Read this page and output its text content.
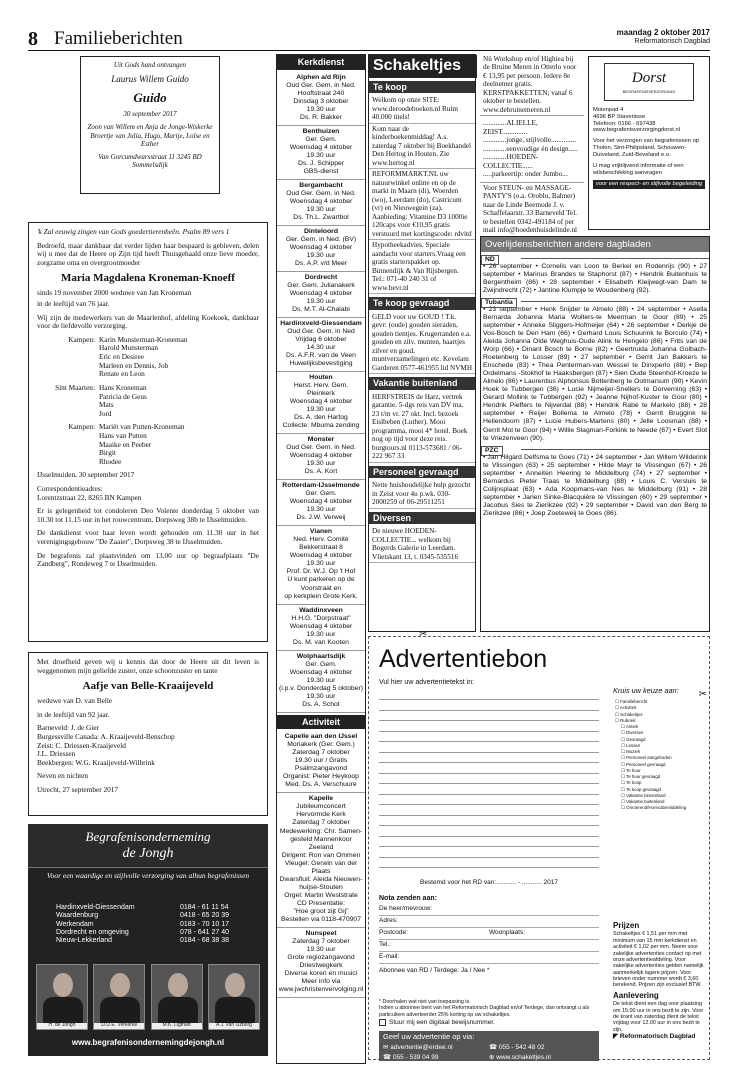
8 Familieberichten	maandag 2 oktober 2017
Reformatorisch Dagblad

Uit Gods hand ontvangen

Laurus Willem Guido

Guido

30 september 2017

Zoon van Willem en Anja de Jonge-Wiskerke Broertje van Julia, Hugo, Marije, Loïse en Esther

Van Gorcumdwarsstraat 11 3245 BD Sommelsdijk

'k Zal eeuwig zingen van Gods goedertierenheên. Psalm 89 vers 1

Bedroefd, maar dankbaar dat verder lijden haar bespaard is gebleven, delen wij u mee dat de Heere op Zijn tijd heeft Thuisgehaald onze lieve moeder, zorgzame oma en overgrootmoeder

Maria Magdalena Kroneman-Knoeff

sinds 19 november 2000 weduwe van Jan Kroneman

in de leeftijd van 76 jaar.

Wij zijn de medewerkers van de Maarlenhof, afdeling Koekoek, dankbaar voor de liefdevolle verzorging.

Kampen: Karin Munsterman-Kroneman
Harold Munsterman
Eric en Desiree
Marleen en Dennis, Job
Renate en Leon
Sint Maarten: Hans Kroneman
Patricia de Geus
Mats
Jord
Kampen: Mariët van Putten-Kroneman
Hans van Putten
Maaike en Peeber
Birgit
Rhodee

IJsselmuiden, 30 september 2017

Correspondentieadres:
Lorentzstraat 22, 8265 BN Kampen

Er is gelegenheid tot condoleren Deo Volente donderdag 5 oktober van 10.30 tot 11.15 uur in het rouwcentrum, Dorpsweg 38b te IJsselmuiden.

De dankdienst voor haar leven wordt gehouden om 11.30 uur in het verenigingsgebouw "De Zaaier", Dorpsweg 38 te IJsselmuiden.

De begrafenis zal plaatsvinden om 13.00 uur op begraafplaats "De Zandberg", Rondeweg 7 te IJsselmuiden.

Met droefheid geven wij u kennis dat door de Heere uit dit leven is weggenomen mijn geliefde zuster, onze schoonzuster en tante

Aafje van Belle-Kraaijeveld

weduwe van D. van Belle

in de leeftijd van 92 jaar.

Barneveld: J. de Gier
Burgessville Canada: A. Kraaijeveld-Benschop
Zeist: C. Driessen-Kraaijeveld
J.L. Driessen
Beekbergen: W.G. Kraaijeveld-Wilbrink

Neven en nichten

Utrecht, 27 september 2017

Begrafenisonderneming
de Jongh
Voor een waardige en stijlvolle verzorging van alhun begrafenissen
Hardinxveld-Giessendam	0184 - 61 11 54
Waardenburg	0418 - 65 20 39
Werkendam	0183 - 70 10 17
Dordrecht en omgeving	078 - 641 27 40
Nieuw-Lekkerland	0184 - 68 38 38
H. de Jongh	D.D.E. Verkerke	M.K. Ligthart	A.J. van IJzborg
www.begrafenisondernemingdejongh.nl
Kerkdienst
Alphen a/d Rijn
Oud Ger. Gem. in Ned.
Hooftstraat 240
Dinsdag 3 oktober
19.30 uur
Ds. R. Bakker
Benthuizen
Ger. Gem.
Woensdag 4 oktober
19.30 uur
Ds. J. Schipper
GBS-dienst
Bergambacht
Oud Ger. Gem. in Ned.
Woensdag 4 oktober
19.30 uur
Ds. Th.L. Zwartbol
Dinteloord
Ger. Gem. in Ned. (BV)
Woensdag 4 oktober
19.30 uur
Ds. A.P. v/d Meer
Dordrecht
Ger. Gem. Julianakerk
Woensdag 4 oktober
19.30 uur
Ds. M.T. Al-Chalabi
Hardinxveld-Giessendam
Oud Ger. Gem. in Ned
Vrijdag 6 oktober
14.30 uur
Ds. A.F.R. van de Veen
Huwelijksbevestiging
Houten
Herst. Herv. Gem.
Pleinkerk
Woensdag 4 oktober
19.30 uur
Ds. A. den Hartog
Collecte: Mbuma zending
Monster
Oud Ger. Gem. in Ned.
Woensdag 4 oktober
19.30 uur
Ds. A. Kort
Rotterdam-IJsselmonde
Ger. Gem.
Woensdag 4 oktober
19.30 uur
Ds. J.W. Verweij
Vianen
Ned. Herv. Comité
Bekkerstraat 8
Woensdag 4 oktober
19.30 uur
Prof. Dr. W.J. Op 't Hof
U kunt parkeren op de
Voorstraat en
op kerkplein Grote Kerk.
Waddinxveen
H.H.G. "Dorpstraat"
Woensdag 4 oktober
19.30 uur
Ds. M. van Kooten
Wolphaartsdijk
Ger. Gem.
Woensdag 4 oktober
19.30 uur
(i.p.v. Donderdag 5 oktober)
19.30 uur
Ds. A. Schot
Activiteit
Capelle aan den IJssel
Moriakerk (Ger. Gem.)
Zaterdag 7 oktober
19.30 uur / Gratis
Psalmzangavond
Organist: Pieter Heykoop
Med. Ds. A. Verschuure
Kapelle
Jubileumconcert
Hervormde Kerk
Zaterdag 7 oktober
Medewerking: Chr. Samen-
gesteld Mannenkoor Zeeland
Dirigent: Ron van Ommen
Vleugel: Gerwin van der Plaats
Dwarsfluit: Aleida Nieuwen-
huijse-Stouten
Orgel: Martin Weststrate
CD Presentatie:
"Hoe groot zijt Gij"
Bestellen via 0118-470907
Nunspeet
Zaterdag 7 oktober
19.30 uur
Grote regiozangavond
Driestwegkerk
Diverse koren en musici
Meer info via
www.jwchristenvervolging.nl
Schakeltjes
Te koop
Welkom op onze SITE: www.deroodeboeken.nl Ruim 40.000 titels!
Kom naar de kinderboekenmiddag! A.s. zaterdag 7 oktober bij Boekhandel Den Hertog in Houten. Zie www.hertog.nl
REFORMMARKT.NL uw natuurwinkel online en op de markt in Maarn (di), Woerden (wo), Leerdam (do), Castricum (vr) en Nieuwegein (za). Aanbieding: Vitamine D3 1000ie 120caps voor €10,95 gratis verstuurd met kortingscode: rdvitd
Hypotheekadvies. Speciale aandacht voor starters.Vraag een gratis starterspakket op. Binnendijk & Van Rijsbergen. Tel.: 071-40 240 31 of www.bevr.nl
Te koop gevraagd
GELD voor uw GOUD ! T.k. gevr: (oude) gouden sieraden, gouden tientjes. Krugerranden e.a. gouden en zilv. munten, baartjes zilver en goud, muntverzamelingen etc. Kevelam Garderen 0577-461955 lid NVMH
Vakantie buitenland
HERFSTREIS de Harz, vertrek garantie. 5-dgs reis van DV ma. 23 t/m vr. 27 okt. Incl. bezoek Eislbeben (Luther). Mooi programma, mooi 4* hotel. Boek nog op tijd voor deze reis. burgtours.nl 0113-573681 / 06-222 967 33
Personeel gevraagd
Nette huishoudelijke hulp gezocht in Zeist voor 4u p.wk. 030-2000259 of 06-29511251
Diversen
De nieuwe HOEDEN-COLLECTIE... welkom bij Bogerds Galerie in Leerdam. Vlietskant 13, t. 0345-535516
Nü Workshop en/of Highiea bij de Bruine Meren in Otterlo voor € 13,95 per persoon. Iedere 8e deelnemer gratis. KERSTPAKKETTEN; vanaf 6 oktober te bestellen. www.debruinemeren.nl
.............ALIELLE, ZEIST..............
.............jonge, stijlvolle..............
.............eenvoudige én design.....
.............HOEDEN-COLLECTIE......
.....parkeertip: onder Jumbo...
Voor STEUN- en MASSAGE-PANTY'S (o.a. Oroblu, Bahner) naar de Linde Beemode J. v. Schaffelaarstr. 33 Barneveld Tel. te bestellen 0342-491184 of per mail info@hoedenhuisdelinde.nl
Dorst
BEGRAFENISVERZORGING

Molenpad 4
4696 BP Stavenisse
Telefoon: 0166 - 697438
www.begrafenisverzorgingdorst.nl

Voor het verzorgen van begrafenissen op Tholen, Sint-Philipsland, Schouwen-Duiveland, Zuid-Beveland e.o.

U mag vrijblijvend informatie of een wilsbeschikking aanvragen

voor een respect- en stijlvolle begeleiding
Overlijdensberichten andere dagbladen
ND
• 26 september • Cornelis van Loon te Berkel en Rodenrijs (90) • 27 september • Marinus Brandes te Staphorst (87) • Hendrik Buitenhuis te Bergentheim (86) • 28 september • Elisabeth Kleijwegt-van Dam te Zwijndrecht (72) • Jantine Klumpje te Woudenberg (92).
Tubantia
• 23 september • Henk Snijder te Almelo (88) • 24 september • Asella Bernarda Johanna Maria Wolters-te Meerman te Goor (89) • 25 september • Anneke Sliggers-Hofmeijer (64) • 26 september • Derkje de Vos-Bosch te Den Ham (66) • Gerhard Louis Schuurink te Borculo (74) • Aleida Johanna Olde Weghuis-Oude Alink te Hengelo (86) • Frits van de Worp (66) • Dinant Bosch te Borne (82) • Geertruida Johanna Golbach-Roetenberg te Losser (89) • 27 september • Gerrit Jan Bakkers te Enschede (83) • Thea Penterman-van Wessel te Dinxperlo (88) • Bep Ordelmans -Stokhof te Haaksbergen (87) • Sien Oude Steenhof-Kroeze te Almelo (86) • Laurentius Alphonsus Bottenberg te Ootmarsum (90) • Kevin Hoek te Tubbergen (36) • Lucie Nijmeijer-Snellers te Dorverning (63) • Gerard Mollink te Tubbergen (92) • Jeanne Nijhof-Kuster te Goor (80) • Hendrik Pieffers te Nijverdal (88) • Hendrik Rabe te Markelo (88) • 28 september • Reijer Bollema te Almelo (78) • Gerrit Bruggink te Hellendoorn (87) • Lucie Hubers-Martens (80) • Jelle Loosman (88) • Gerrit Mol te Goor (94) • Willie Slagman-Forkink te Neede (67) • Evert Slot te Vriezenveen (90).
PZC
• Jan Hilgard Delfsma te Goes (71) • 24 september • Jan Willem Wilderink te Vlissingen (63) • 25 september • Hilde Mayr te Vlissingen (67) • 26 september • Anneiten Heering te Middelburg (74) • 27 september • Bernardus Pieter Traas te Middelburg (88) • Louis C. Versluis te Colijnsplaat (63) • Ada Koopmans-van Nes te Middelburg (91) • 28 september • Jarien Sinke-Blacquière te Vlissingen (60) • 29 september • Jacobus Sies te Zierikzee (92) • 29 september • David van den Berg te Zierikzee (86) • Joep Zoeteweij te Goes (86).
✂
✂
Advertentiebon
Vul hier uw advertentietekst in:
Kruis uw keuze aan:
☐ Familiebericht
☐ Activiteit
☐ Schakeltjes
☐ Rubriek:
☐ Antiek
☐ Diversen
☐ Gevraagd
☐ Lessen
☐ Muziek
☐ Personeel aangeboden
☐ Personeel gevraagd
☐ Te huur
☐ Te huur gevraagd
☐ Te koop
☐ Te koop gevraagd
☐ Vakantie binnenland
☐ Vakantie buitenland
☐ Onroerend/Horecabemiddeling
Bestemd voor het RD van:........... - ........... 2017
Nota zenden aan:
De heer/mevrouw:
Adres:
Postcode:	Woonplaats:
Tel.:
E-mail:
Abonnee van RD / Terdege: Ja / Nee *
* Doorhalen wat niet van toepassing is.
Indien u abonnee bent van het Reformatorisch Dagblad en/of Terdege, dan ontvangt u als particuliere adverteerder 25% korting op uw schakeltjes.
Stuur mij een digitaal bewijsnummer.
Geef uw advertentie op via:
✉ advertentie@erdee.nl	☎ 055 - 542 48 02
☎ 055 - 539 04 99	⊕ www.schakeltjes.nl
Prijzen

Schakeltjes € 1,51 per mm met minimum van 15 mm kerkdienst en activiteit € 1,02 per mm. Neem voor zakelijke advertenties contact op met onze advertentieafdeling. Voor zakelijke advertenties gelden namelijk aanmerkelijk lagere prijzen. Voor brieven onder nummer wordt € 3,60 berekend. Prijzen zijn exclusief BTW.

Aanlevering

De tekst dient een dag voor plaatsing om 15.00 uur in ons bezit te zijn. Voor de krant van zaterdag dient de tekst vrijdag voor 12.00 uur in ons bezit te zijn.

◤ Reformatorisch Dagblad
